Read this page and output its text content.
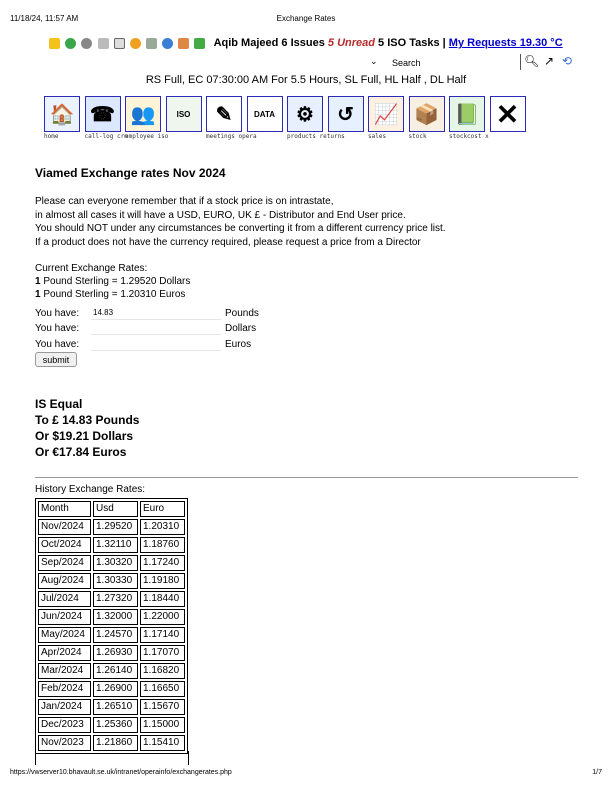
11/18/24, 11:57 AM	Exchange Rates
Aqib Majeed 6 Issues 5 Unread 5 ISO Tasks | My Requests 19.30 °C
⌄ Search	🔍︎ ↗ ⟲
RS Full, EC 07:30:00 AM For 5.5 Hours, SL Full, HL Half , DL Half
🏠
home
☎
call-log crm
👥
employee iso
ISO ✎
meetings opera
DATA ⚙
products returns
↺ 📈
sales
📦
stock
📗
stockcost x
✕
Viamed Exchange rates Nov 2024
Please can everyone remember that if a stock price is on intrastate,
in almost all cases it will have a USD, EURO, UK £ - Distributor and End User price.
You should NOT under any circumstances be converting it from a different currency price list.
If a product does not have the currency required, please request a price from a Director
Current Exchange Rates:
1 Pound Sterling = 1.29520 Dollars
1 Pound Sterling = 1.20310 Euros
You have:
14.83	Pounds
You have:	Dollars
You have:	Euros
submit
IS Equal
To £ 14.83 Pounds
Or $19.21 Dollars
Or €17.84 Euros
History Exchange Rates:
Month	Usd	Euro
Nov/2024	1.29520	1.20310
Oct/2024	1.32110	1.18760
Sep/2024	1.30320	1.17240
Aug/2024	1.30330	1.19180
Jul/2024	1.27320	1.18440
Jun/2024	1.32000	1.22000
May/2024	1.24570	1.17140
Apr/2024	1.26930	1.17070
Mar/2024	1.26140	1.16820
Feb/2024	1.26900	1.16650
Jan/2024	1.26510	1.15670
Dec/2023	1.25360	1.15000
Nov/2023	1.21860	1.15410
https://vwserver10.bhavault.se.uk/intranet/operainfo/exchangerates.php	1/7
